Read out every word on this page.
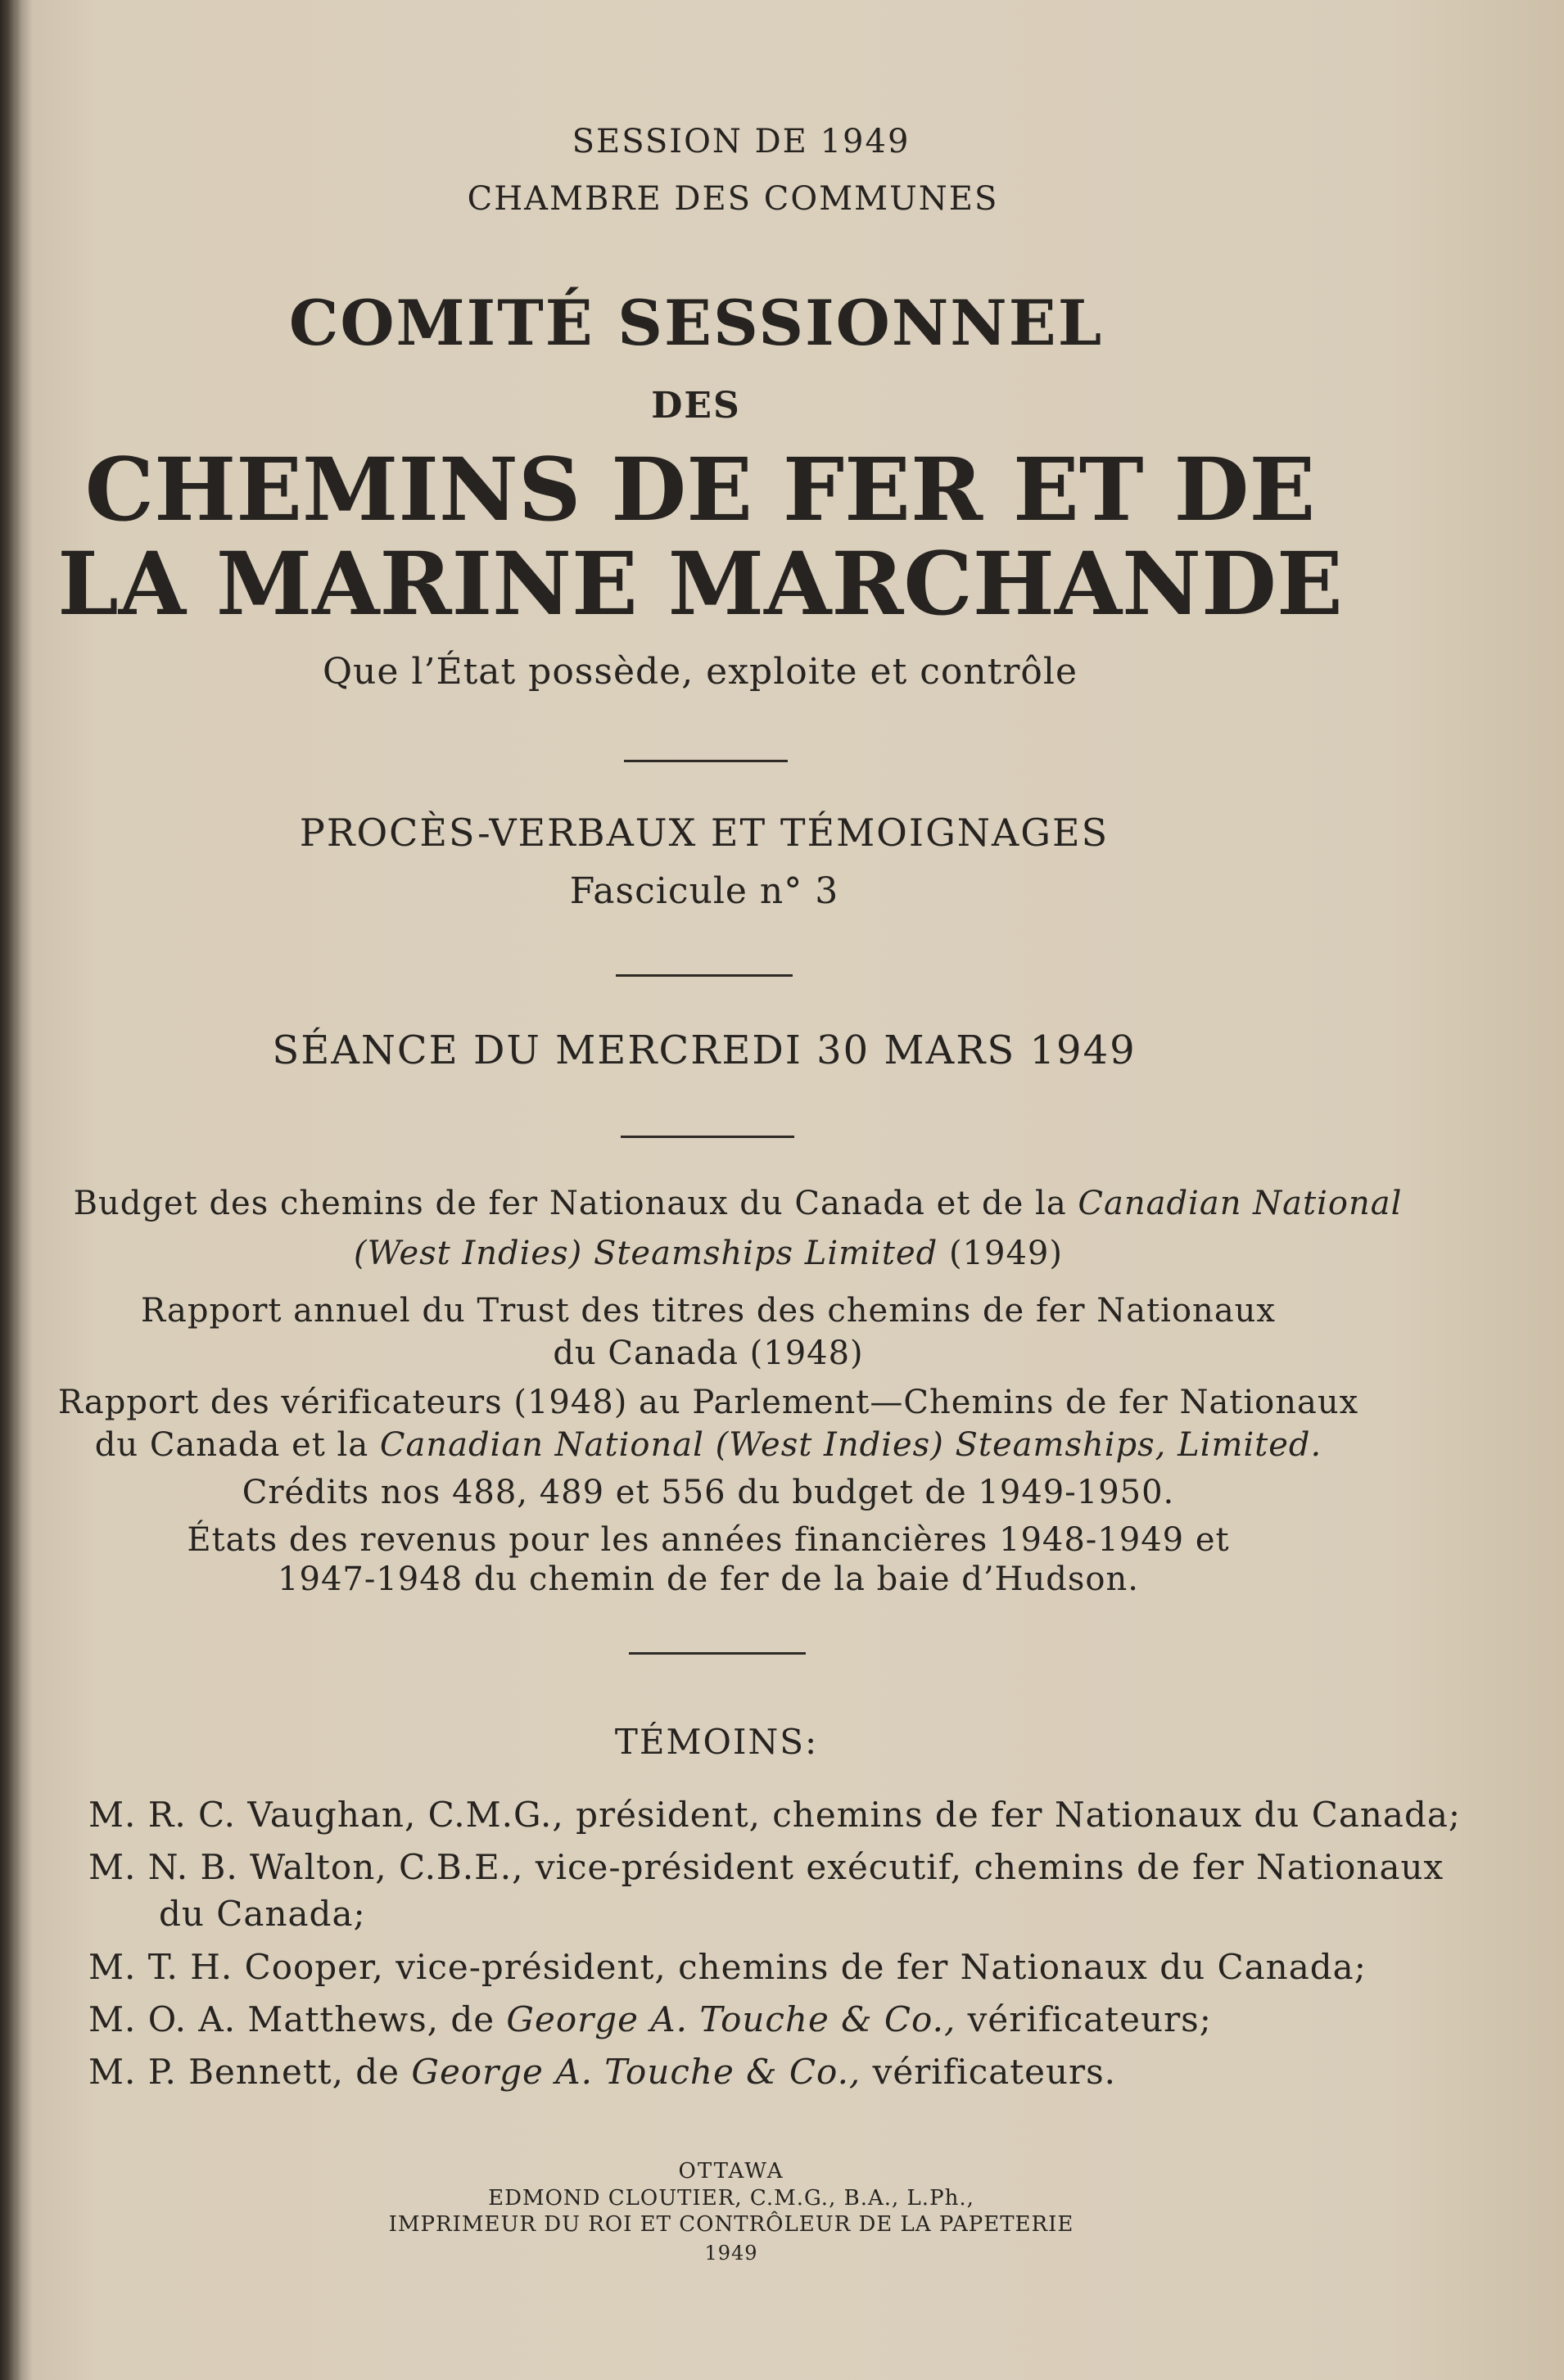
SESSION DE 1949
CHAMBRE DES COMMUNES
COMITÉ SESSIONNEL
DES
CHEMINS DE FER ET DE
LA MARINE MARCHANDE
Que l’État possède, exploite et contrôle
PROCÈS-VERBAUX ET TÉMOIGNAGES
Fascicule n° 3
SÉANCE DU MERCREDI 30 MARS 1949
Budget des chemins de fer Nationaux du Canada et de la Canadian National
(West Indies) Steamships Limited (1949)
Rapport annuel du Trust des titres des chemins de fer Nationaux
du Canada (1948)
Rapport des vérificateurs (1948) au Parlement—Chemins de fer Nationaux
du Canada et la Canadian National (West Indies) Steamships, Limited.
Crédits nos 488, 489 et 556 du budget de 1949-1950.
États des revenus pour les années financières 1948-1949 et
1947-1948 du chemin de fer de la baie d’Hudson.
TÉMOINS:
M. R. C. Vaughan, C.M.G., président, chemins de fer Nationaux du Canada;
M. N. B. Walton, C.B.E., vice-président exécutif, chemins de fer Nationaux
du Canada;
M. T. H. Cooper, vice-président, chemins de fer Nationaux du Canada;
M. O. A. Matthews, de George A. Touche & Co., vérificateurs;
M. P. Bennett, de George A. Touche & Co., vérificateurs.
OTTAWA
EDMOND CLOUTIER, C.M.G., B.A., L.Ph.,
IMPRIMEUR DU ROI ET CONTRÔLEUR DE LA PAPETERIE
1949
